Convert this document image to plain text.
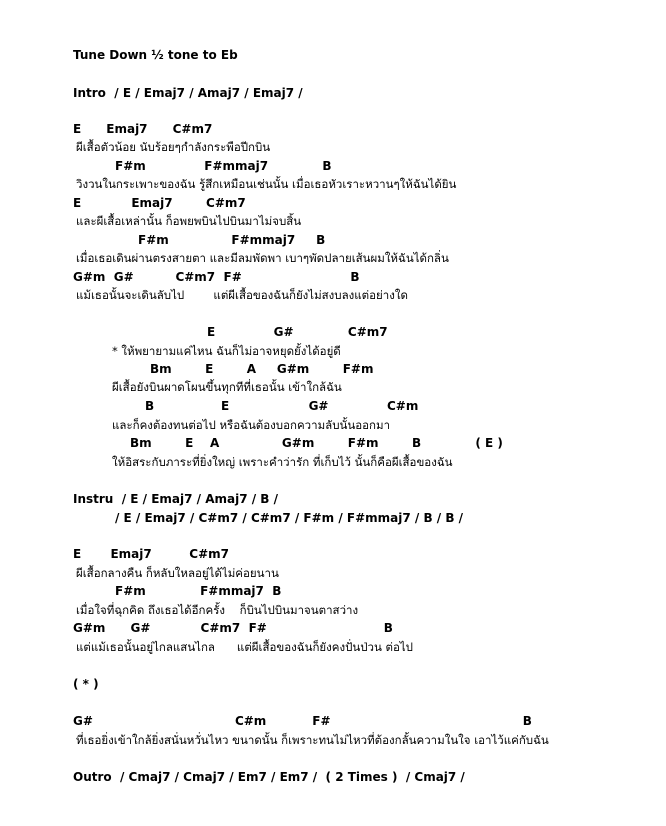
Tune Down ½ tone to Eb

Intro  / E / Emaj7 / Amaj7 / Emaj7 /

E      Emaj7      C#m7

ผีเสื้อตัวน้อย นับร้อยๆกำลังกระพือปีกบิน

F#m              F#mmaj7             B

วิงวนในกระเพาะของฉัน รู้สึกเหมือนเช่นนั้น เมื่อเธอหัวเราะหวานๆให้ฉันได้ยิน

E            Emaj7        C#m7

และผีเสื้อเหล่านั้น ก็อพยพบินไปบินมาไม่จบสิ้น

F#m               F#mmaj7     B

เมื่อเธอเดินผ่านตรงสายตา และมีลมพัดพา เบาๆพัดปลายเส้นผมให้ฉันได้กลิ่น

G#m  G#          C#m7  F#                          B

แม้เธอนั้นจะเดินลับไป        แต่ผีเสื้อของฉันก็ยังไม่สงบลงแต่อย่างใด

E              G#             C#m7

* ให้พยายามแค่ไหน ฉันก็ไม่อาจหยุดยั้งได้อยู่ดี

Bm        E        A     G#m        F#m

ผีเสื้อยังบินผาดโผนขึ้นทุกทีที่เธอนั้น เข้าใกล้ฉัน

B                E                   G#              C#m

และก็คงต้องทนต่อไป หรือฉันต้องบอกความลับนั้นออกมา

Bm        E    A               G#m        F#m        B             ( E )

ให้อิสระกับภาระที่ยิ่งใหญ่ เพราะคำว่ารัก ที่เก็บไว้ นั้นก็คือผีเสื้อของฉัน

Instru  / E / Emaj7 / Amaj7 / B /

/ E / Emaj7 / C#m7 / C#m7 / F#m / F#mmaj7 / B / B /

E       Emaj7         C#m7

ผีเสื้อกลางคืน ก็หลับใหลอยู่ได้ไม่ค่อยนาน

F#m             F#mmaj7  B

เมื่อใจที่ฉุกคิด ถึงเธอได้อีกครั้ง    ก็บินไปบินมาจนตาสว่าง

G#m      G#            C#m7  F#                            B

แต่แม้เธอนั้นอยู่ไกลแสนไกล      แต่ผีเสื้อของฉันก็ยังคงปั่นป่วน ต่อไป

( * )

G#                                  C#m           F#                                              B

ที่เธอยิ่งเข้าใกล้ยิ่งสนั่นหวั่นไหว ขนาดนั้น ก็เพราะทนไม่ไหวที่ต้องกลั้นความในใจ เอาไว้แค่กับฉัน

Outro  / Cmaj7 / Cmaj7 / Em7 / Em7 /  ( 2 Times )  / Cmaj7 /
